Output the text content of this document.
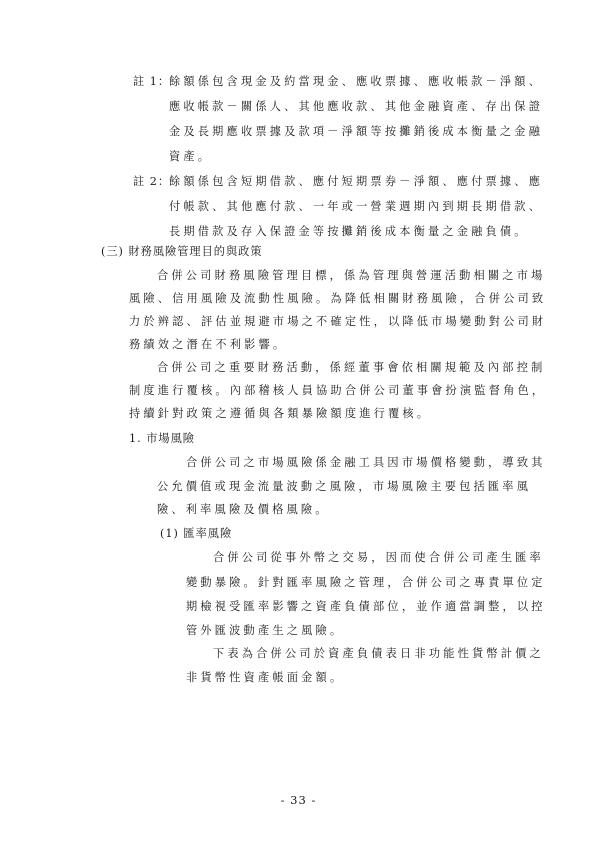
註 1：
餘額係包含現金及約當現金、應收票據、應收帳款－淨額、
應收帳款－關係人、其他應收款、其他金融資產、存出保證
金及長期應收票據及款項－淨額等按攤銷後成本衡量之金融
資產。
註 2：
餘額係包含短期借款、應付短期票券－淨額、應付票據、應
付帳款、其他應付款、一年或一營業週期內到期長期借款、
長期借款及存入保證金等按攤銷後成本衡量之金融負債。
(三) 財務風險管理目的與政策
合併公司財務風險管理目標，係為管理與營運活動相關之市場
風險、信用風險及流動性風險。為降低相關財務風險，合併公司致
力於辨認、評估並規避市場之不確定性，以降低市場變動對公司財
務績效之潛在不利影響。
合併公司之重要財務活動，係經董事會依相關規範及內部控制
制度進行覆核。內部稽核人員協助合併公司董事會扮演監督角色，
持續針對政策之遵循與各類暴險額度進行覆核。
1. 市場風險
合併公司之市場風險係金融工具因市場價格變動，導致其
公允價值或現金流量波動之風險，市場風險主要包括匯率風
險、利率風險及價格風險。
(1) 匯率風險
合併公司從事外幣之交易，因而使合併公司產生匯率
變動暴險。針對匯率風險之管理，合併公司之專責單位定
期檢視受匯率影響之資產負債部位，並作適當調整，以控
管外匯波動產生之風險。
下表為合併公司於資產負債表日非功能性貨幣計價之
非貨幣性資產帳面金額。
- 33 -
